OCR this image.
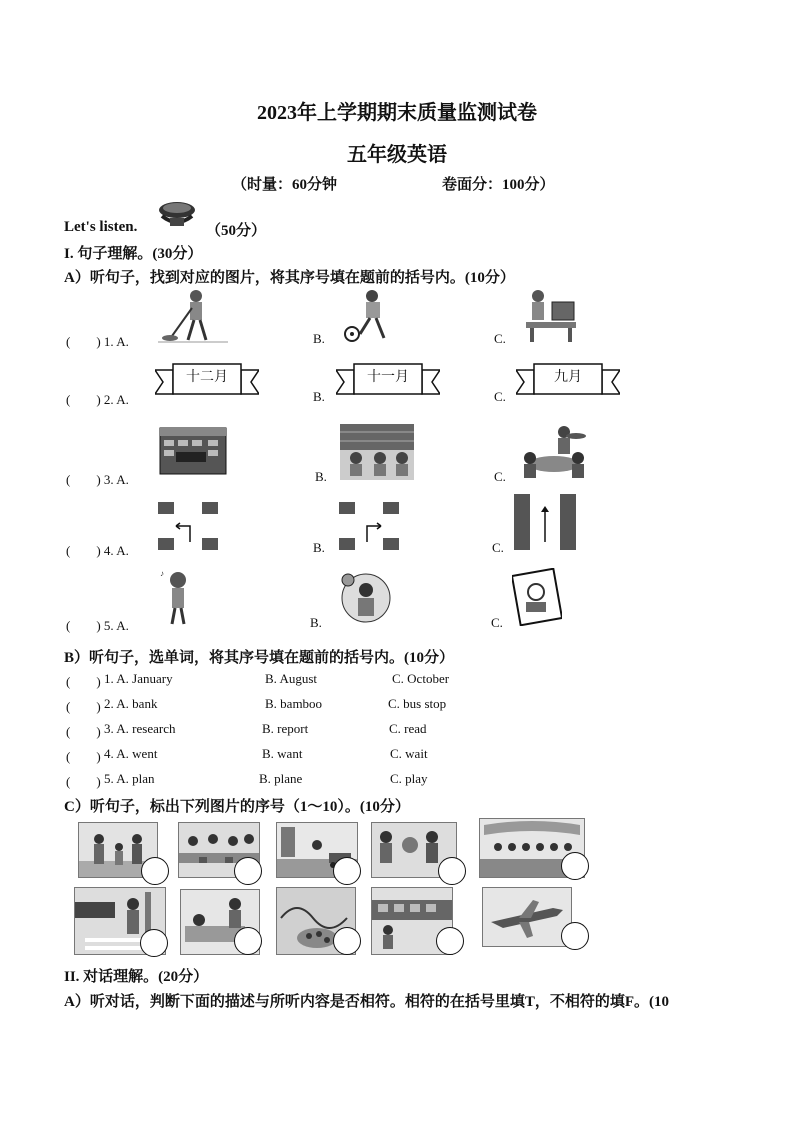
2023年上学期期末质量监测试卷
五年级英语
（时量：60分钟	卷面分：100分）
Let's listen.	（50分）
I. 句子理解。(30分）
A）听句子，找到对应的图片，将其序号填在题前的括号内。(10分）
(　　) 1. A.	B.	C.
(　　) 2. A.	B.	C.
(　　) 3. A.	B.	C.
(　　) 4. A.	B.	C.
(　　) 5. A.	B.	C.
十二月	十一月	九月
♪
B）听句子，选单词，将其序号填在题前的括号内。(10分）
(　　) 1. A. January	B. August	C. October
(　　) 2. A. bank	B. bamboo	C. bus stop
(　　) 3. A. research	B. report	C. read
(　　) 4. A. went	B. want	C. wait
(　　) 5. A. plan	B. plane	C. play
C）听句子，标出下列图片的序号（1～10）。(10分）
II. 对话理解。(20分）
A）听对话，判断下面的描述与所听内容是否相符。相符的在括号里填T，不相符的填F。(10
